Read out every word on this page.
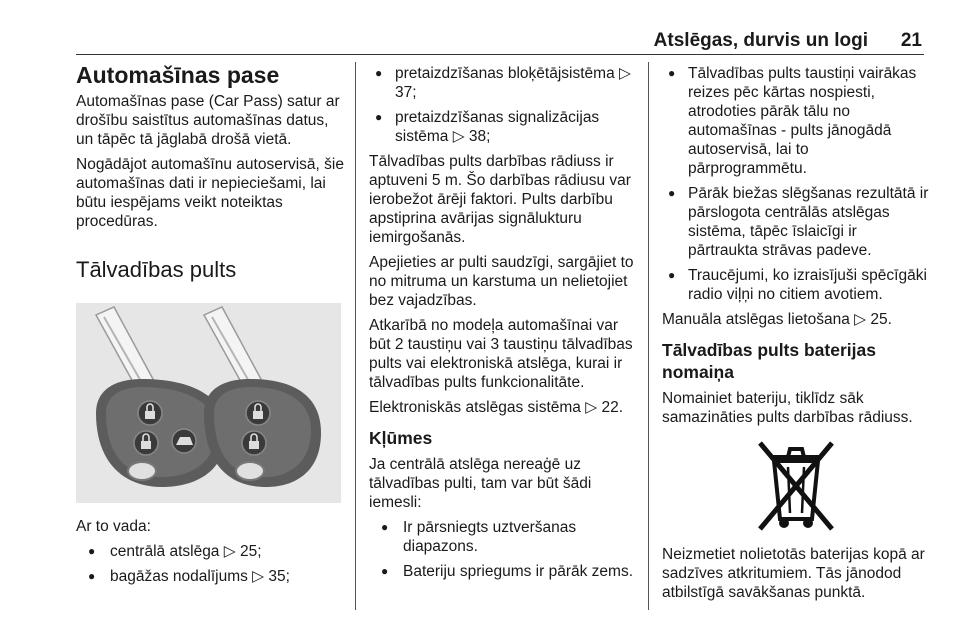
Atslēgas, durvis un logi 21
Automašīnas pase

Automašīnas pase (Car Pass) satur ar drošību saistītus automašīnas datus, un tāpēc tā jāglabā drošā vietā.

Nogādājot automašīnu autoservisā, šie automašīnas dati ir nepieciešami, lai būtu iespējams veikt noteiktas procedūras.

Tālvadības pults

Ar to vada:

● centrālā atslēga ▷ 25;
● bagāžas nodalījums ▷ 35;
● pretaizdzīšanas bloķētājsistēma ▷ 37;
● pretaizdzīšanas signalizācijas sistēma ▷ 38;

Tālvadības pults darbības rādiuss ir aptuveni 5 m. Šo darbības rādiusu var ierobežot ārēji faktori. Pults darbību apstiprina avārijas signālukturu iemirgošanās.

Apejieties ar pulti saudzīgi, sargājiet to no mitruma un karstuma un nelietojiet bez vajadzības.

Atkarībā no modeļa automašīnai var būt 2 taustiņu vai 3 taustiņu tālvadības pults vai elektroniskā atslēga, kurai ir tālvadības pults funkcionalitāte.

Elektroniskās atslēgas sistēma ▷ 22.

Kļūmes

Ja centrālā atslēga nereaģē uz tālvadības pulti, tam var būt šādi iemesli:

● Ir pārsniegts uztveršanas diapazons.
● Bateriju spriegums ir pārāk zems.
● Tālvadības pults taustiņi vairākas reizes pēc kārtas nospiesti, atrodoties pārāk tālu no automašīnas - pults jānogādā autoservisā, lai to pārprogrammētu.
● Pārāk biežas slēgšanas rezultātā ir pārslogota centrālās atslēgas sistēma, tāpēc īslaicīgi ir pārtraukta strāvas padeve.
● Traucējumi, ko izraisījuši spēcīgāki radio viļņi no citiem avotiem.

Manuāla atslēgas lietošana ▷ 25.

Tālvadības pults baterijas nomaiņa

Nomainiet bateriju, tiklīdz sāk samazināties pults darbības rādiuss.

Neizmetiet nolietotās baterijas kopā ar sadzīves atkritumiem. Tās jānodod atbilstīgā savākšanas punktā.
